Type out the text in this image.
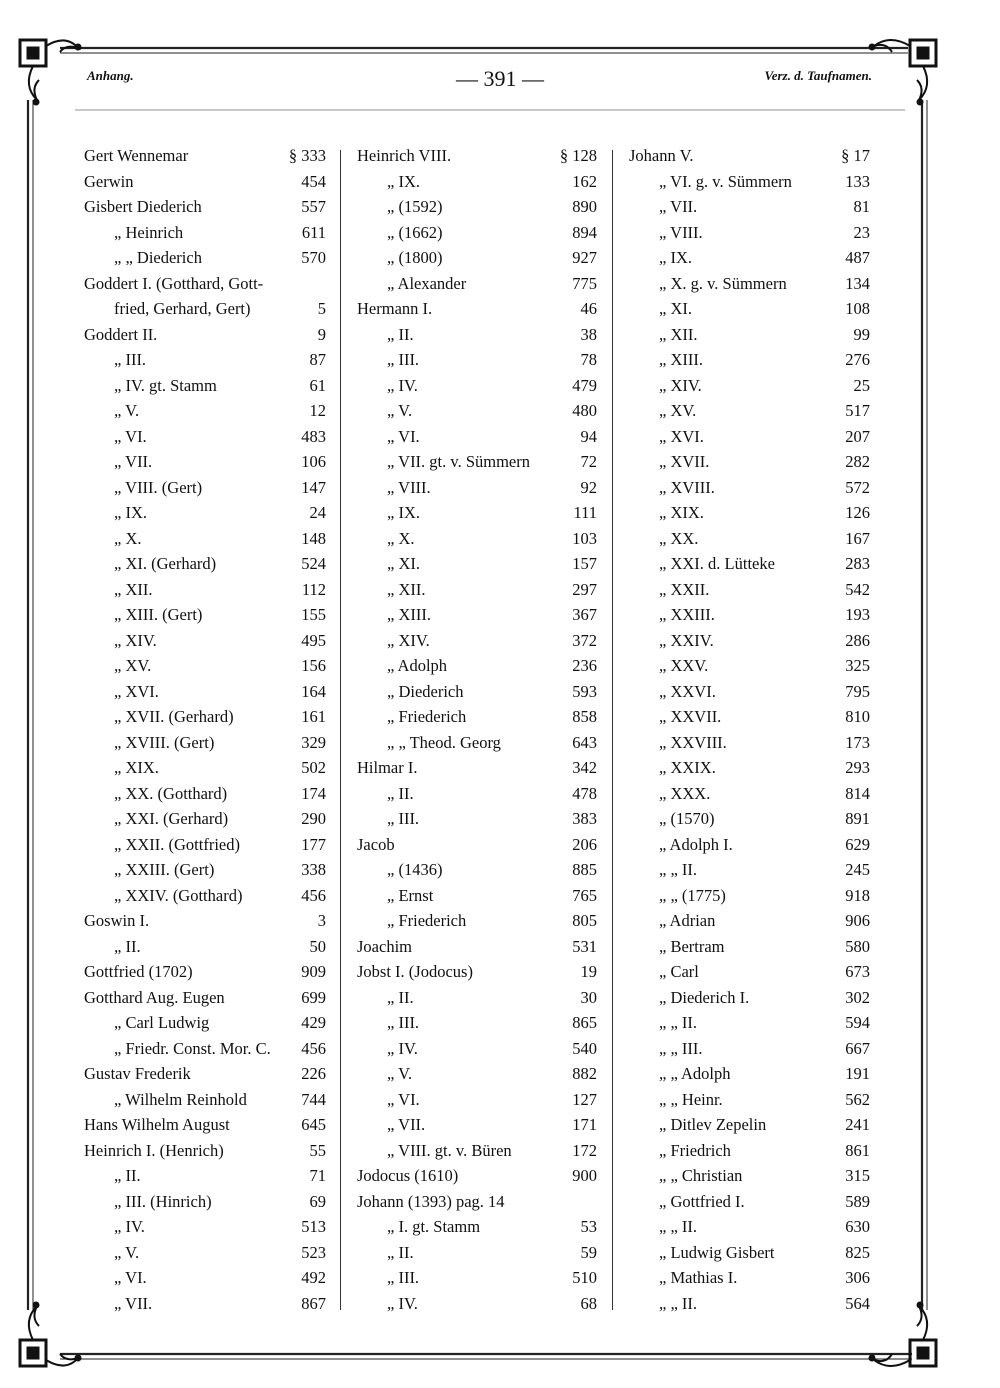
Anhang.	— 391 —	Verz. d. Taufnamen.
Gert Wennemar	§ 333
Gerwin	454
Gisbert Diederich	557
„ Heinrich	611
„ „ Diederich	570
Goddert I. (Gotthard, Gott-
fried, Gerhard, Gert)	5
Goddert II.	9
„ III.	87
„ IV. gt. Stamm	61
„ V.	12
„ VI.	483
„ VII.	106
„ VIII. (Gert)	147
„ IX.	24
„ X.	148
„ XI. (Gerhard)	524
„ XII.	112
„ XIII. (Gert)	155
„ XIV.	495
„ XV.	156
„ XVI.	164
„ XVII. (Gerhard)	161
„ XVIII. (Gert)	329
„ XIX.	502
„ XX. (Gotthard)	174
„ XXI. (Gerhard)	290
„ XXII. (Gottfried)	177
„ XXIII. (Gert)	338
„ XXIV. (Gotthard)	456
Goswin I.	3
„ II.	50
Gottfried (1702)	909
Gotthard Aug. Eugen	699
„ Carl Ludwig	429
„ Friedr. Const. Mor. C. 456
Gustav Frederik	226
„ Wilhelm Reinhold	744
Hans Wilhelm August	645
Heinrich I. (Henrich)	55
„ II.	71
„ III. (Hinrich)	69
„ IV.	513
„ V.	523
„ VI.	492
„ VII.	867
Heinrich VIII.	§ 128
„ IX.	162
„ (1592)	890
„ (1662)	894
„ (1800)	927
„ Alexander	775
Hermann I.	46
„ II.	38
„ III.	78
„ IV.	479
„ V.	480
„ VI.	94
„ VII. gt. v. Sümmern	72
„ VIII.	92
„ IX.	111
„ X.	103
„ XI.	157
„ XII.	297
„ XIII.	367
„ XIV.	372
„ Adolph	236
„ Diederich	593
„ Friederich	858
„ „ Theod. Georg	643
Hilmar I.	342
„ II.	478
„ III.	383
Jacob	206
„ (1436)	885
„ Ernst	765
„ Friederich	805
Joachim	531
Jobst I. (Jodocus)	19
„ II.	30
„ III.	865
„ IV.	540
„ V.	882
„ VI.	127
„ VII.	171
„ VIII. gt. v. Büren	172
Jodocus (1610)	900
Johann (1393) pag. 14
„ I. gt. Stamm	53
„ II.	59
„ III.	510
„ IV.	68
Johann V.	§ 17
„ VI. g. v. Sümmern	133
„ VII.	81
„ VIII.	23
„ IX.	487
„ X. g. v. Sümmern	134
„ XI.	108
„ XII.	99
„ XIII.	276
„ XIV.	25
„ XV.	517
„ XVI.	207
„ XVII.	282
„ XVIII.	572
„ XIX.	126
„ XX.	167
„ XXI. d. Lütteke	283
„ XXII.	542
„ XXIII.	193
„ XXIV.	286
„ XXV.	325
„ XXVI.	795
„ XXVII.	810
„ XXVIII.	173
„ XXIX.	293
„ XXX.	814
„ (1570)	891
„ Adolph I.	629
„ „ II.	245
„ „ (1775)	918
„ Adrian	906
„ Bertram	580
„ Carl	673
„ Diederich I.	302
„ „ II.	594
„ „ III.	667
„ „ Adolph	191
„ „ Heinr.	562
„ Ditlev Zepelin	241
„ Friedrich	861
„ „ Christian	315
„ Gottfried I.	589
„ „ II.	630
„ Ludwig Gisbert	825
„ Mathias I.	306
„ „ II.	564
